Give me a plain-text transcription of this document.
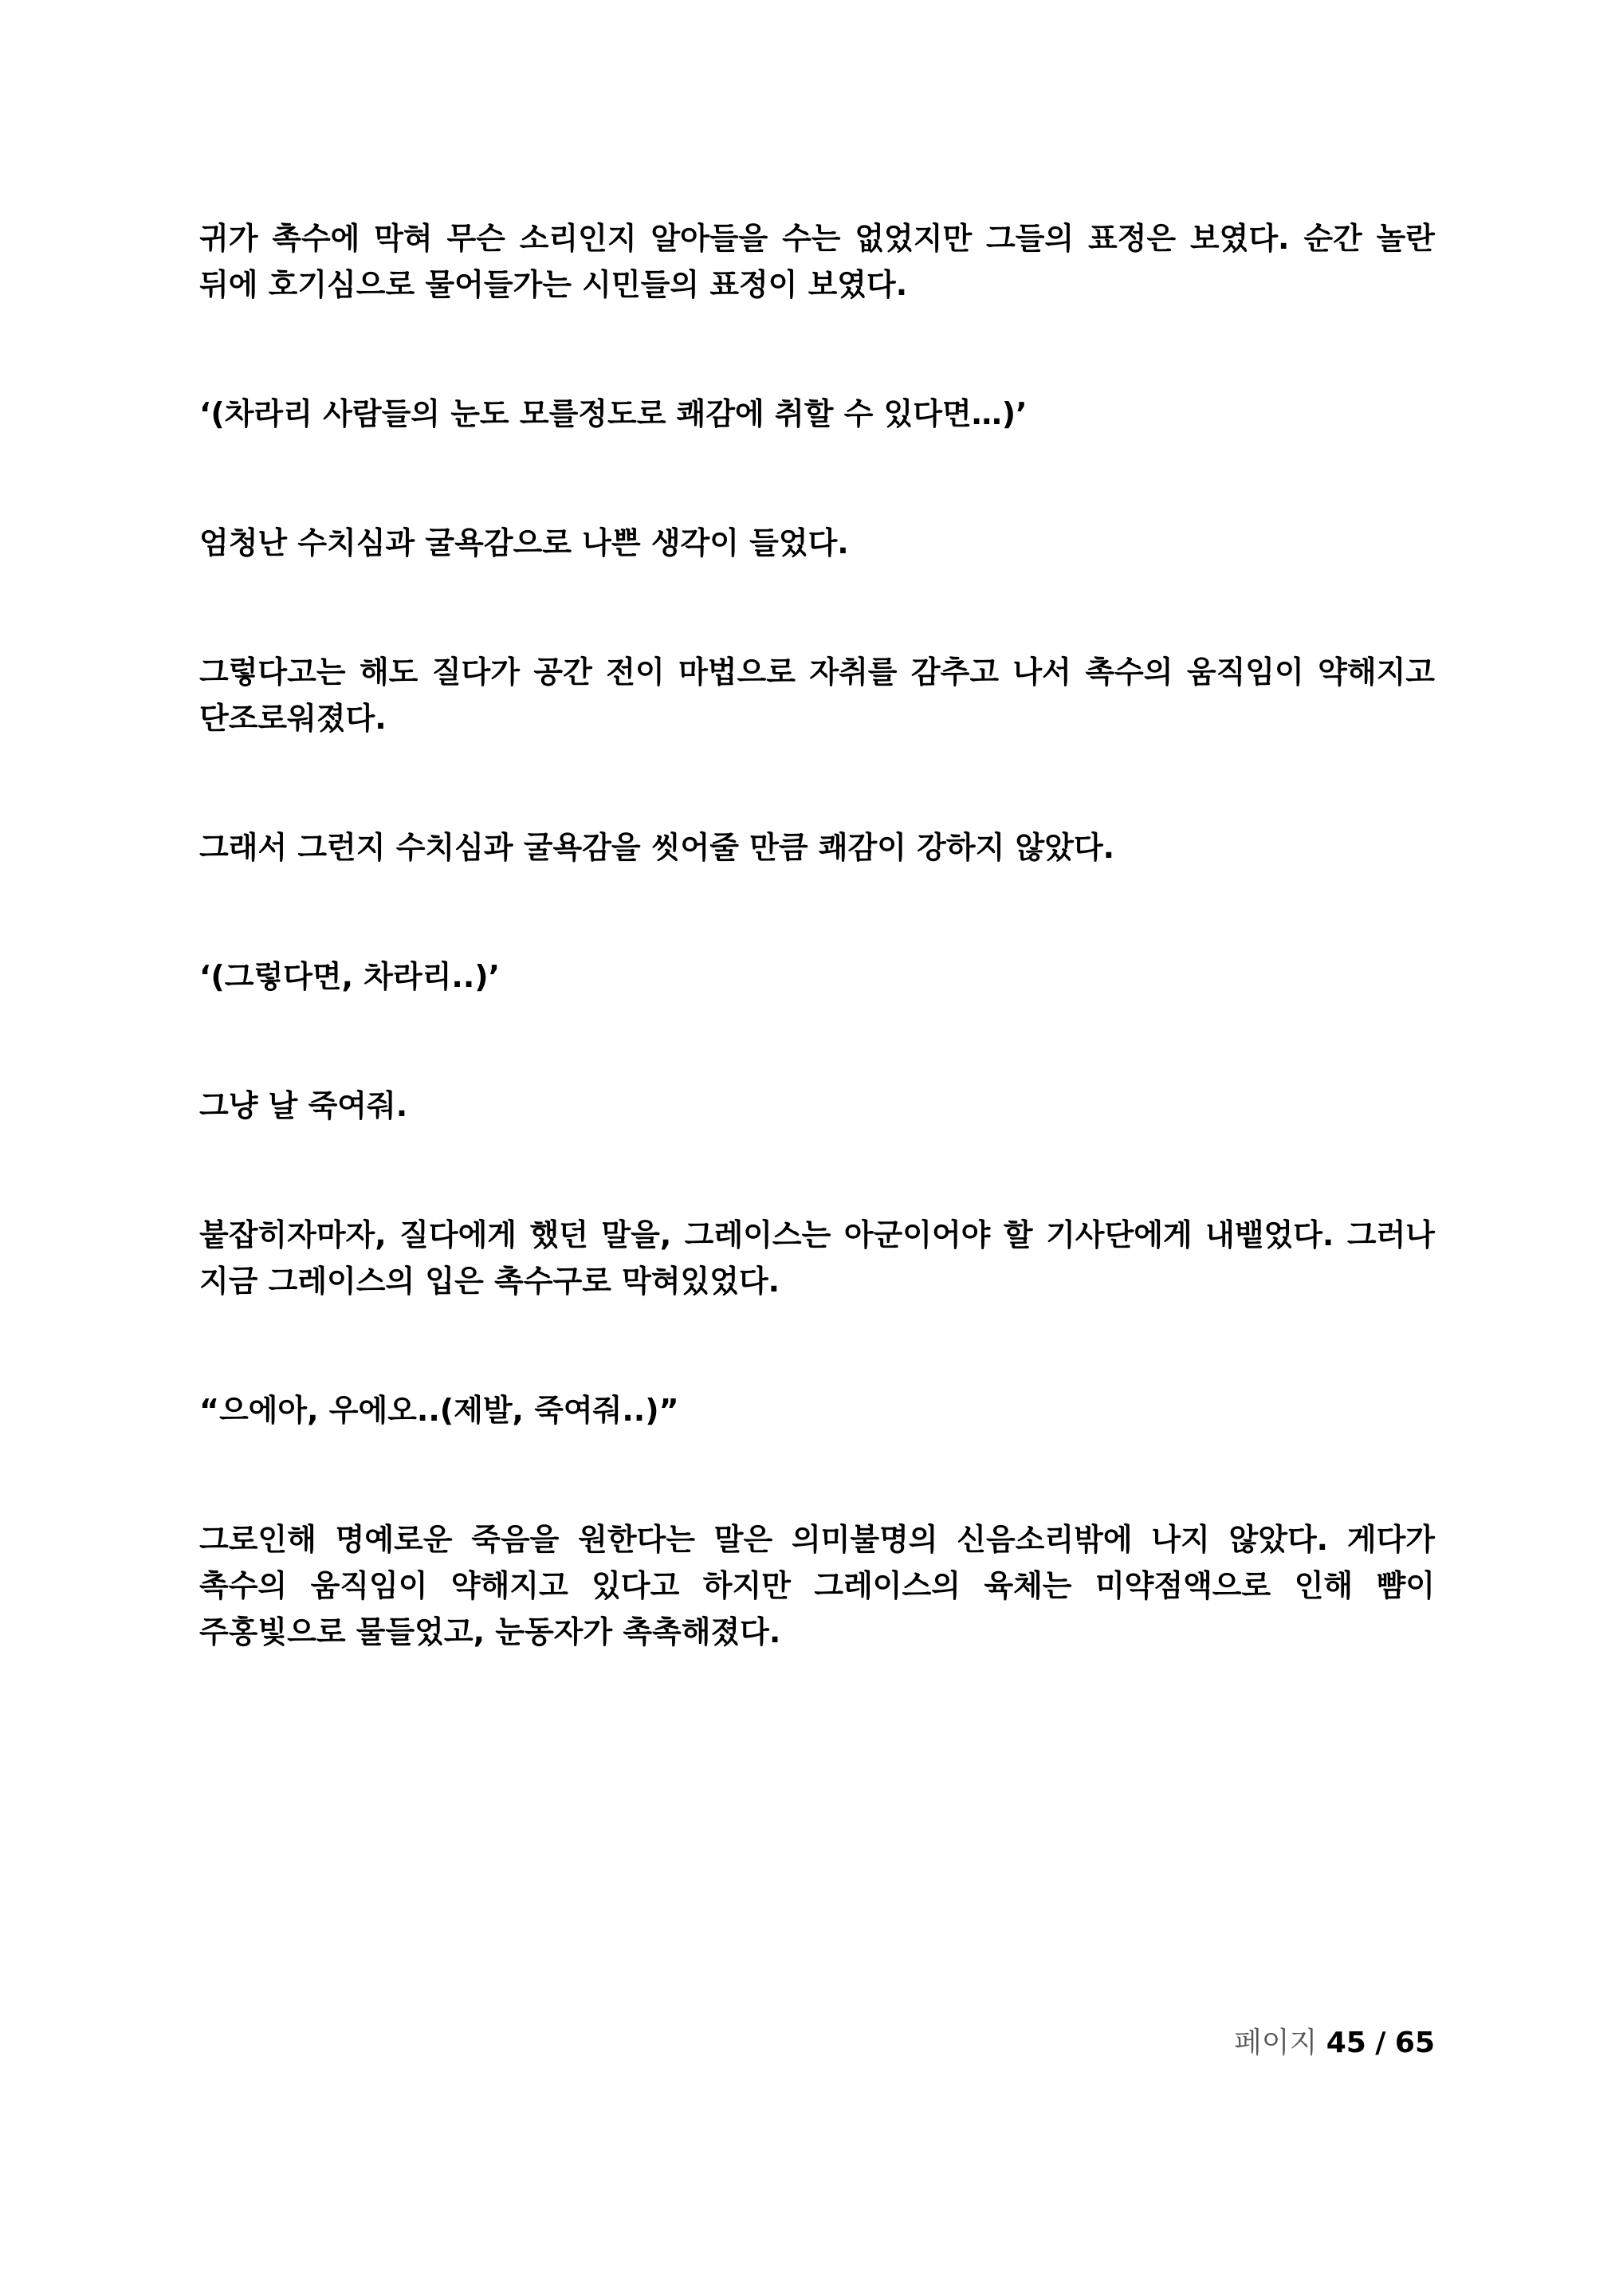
귀가 촉수에 막혀 무슨 소리인지 알아들을 수는 없었지만 그들의 표정은 보였다. 순간 놀란 뒤에 호기심으로 물어들가는 시민들의 표정이 보였다.

‘(차라리 사람들의 눈도 모를정도로 쾌감에 취할 수 있다면…)’

엄청난 수치심과 굴욕감으로 나쁜 생각이 들었다.

그렇다고는 해도 질다가 공간 전이 마법으로 자취를 감추고 나서 촉수의 움직임이 약해지고 단조로워졌다.

그래서 그런지 수치심과 굴욕감을 씻어줄 만큼 쾌감이 강하지 않았다.

‘(그렇다면, 차라리..)’

그냥 날 죽여줘.

붙잡히자마자, 질다에게 했던 말을, 그레이스는 아군이어야 할 기사단에게 내뱉었다. 그러나 지금 그레이스의 입은 촉수구로 막혀있었다.

“으에아, 우에오..(제발, 죽여줘..)”

그로인해 명예로운 죽음을 원한다는 말은 의미불명의 신음소리밖에 나지 않았다. 게다가 촉수의 움직임이 약해지고 있다고 하지만 그레이스의 육체는 미약점액으로 인해 뺨이 주홍빛으로 물들었고, 눈동자가 촉촉해졌다.

페이지 45 / 65
